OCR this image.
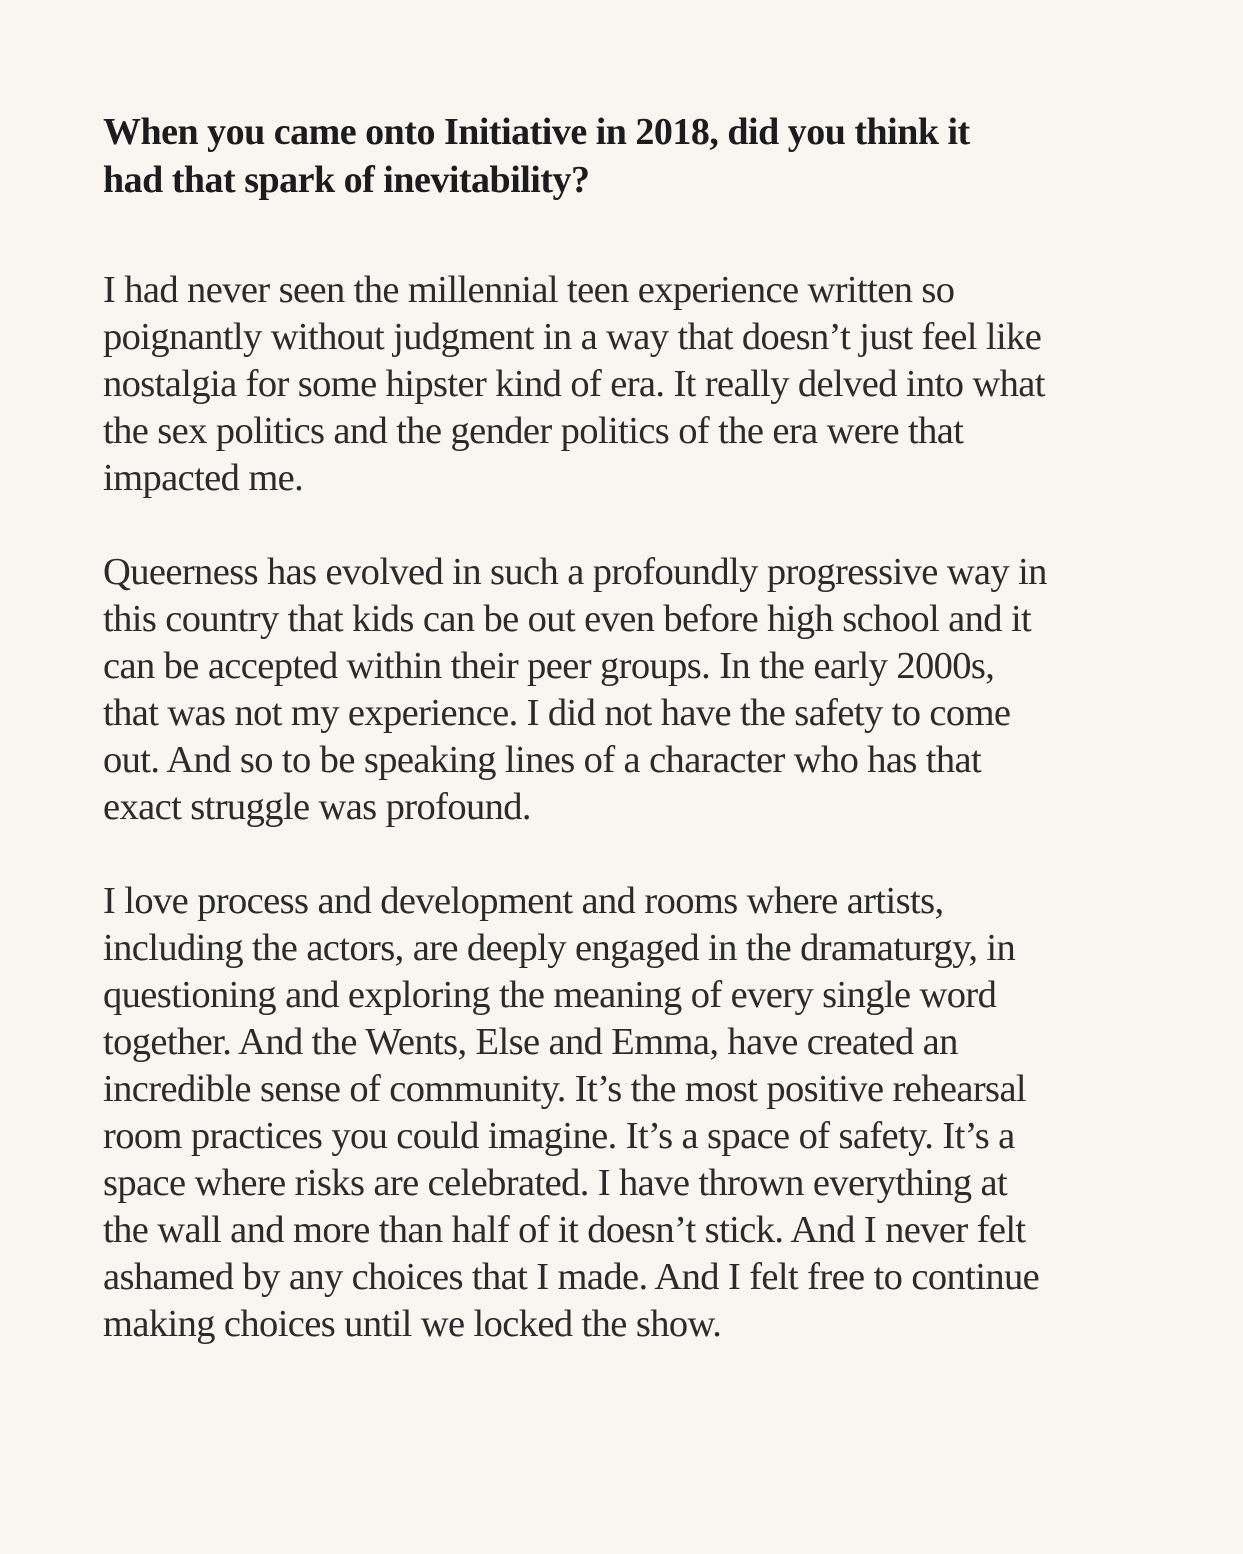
When you came onto Initiative in 2018, did you think it
had that spark of inevitability?

I had never seen the millennial teen experience written so
poignantly without judgment in a way that doesn’t just feel like
nostalgia for some hipster kind of era. It really delved into what
the sex politics and the gender politics of the era were that
impacted me.

Queerness has evolved in such a profoundly progressive way in
this country that kids can be out even before high school and it
can be accepted within their peer groups. In the early 2000s,
that was not my experience. I did not have the safety to come
out. And so to be speaking lines of a character who has that
exact struggle was profound.

I love process and development and rooms where artists,
including the actors, are deeply engaged in the dramaturgy, in
questioning and exploring the meaning of every single word
together. And the Wents, Else and Emma, have created an
incredible sense of community. It’s the most positive rehearsal
room practices you could imagine. It’s a space of safety. It’s a
space where risks are celebrated. I have thrown everything at
the wall and more than half of it doesn’t stick. And I never felt
ashamed by any choices that I made. And I felt free to continue
making choices until we locked the show.
